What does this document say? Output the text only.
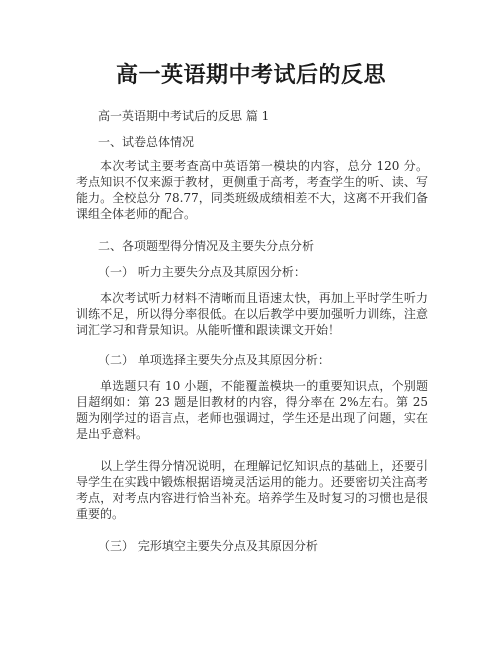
高一英语期中考试后的反思
高一英语期中考试后的反思 篇 1
一、试卷总体情况
本次考试主要考查高中英语第一模块的内容，总分 120 分。考点知识不仅来源于教材，更侧重于高考，考查学生的听、读、写能力。全校总分 78.77，同类班级成绩相差不大，这离不开我们备课组全体老师的配合。
二、各项题型得分情况及主要失分点分析
（一） 听力主要失分点及其原因分析：
本次考试听力材料不清晰而且语速太快，再加上平时学生听力训练不足，所以得分率很低。在以后教学中要加强听力训练，注意词汇学习和背景知识。从能听懂和跟读课文开始！
（二） 单项选择主要失分点及其原因分析：
单选题只有 10 小题，不能覆盖模块一的重要知识点，个别题目超纲如：第 23 题是旧教材的内容，得分率在 2%左右。第 25 题为刚学过的语言点，老师也强调过，学生还是出现了问题，实在是出乎意料。
以上学生得分情况说明，在理解记忆知识点的基础上，还要引导学生在实践中锻炼根据语境灵活运用的能力。还要密切关注高考考点，对考点内容进行恰当补充。培养学生及时复习的习惯也是很重要的。
（三） 完形填空主要失分点及其原因分析
